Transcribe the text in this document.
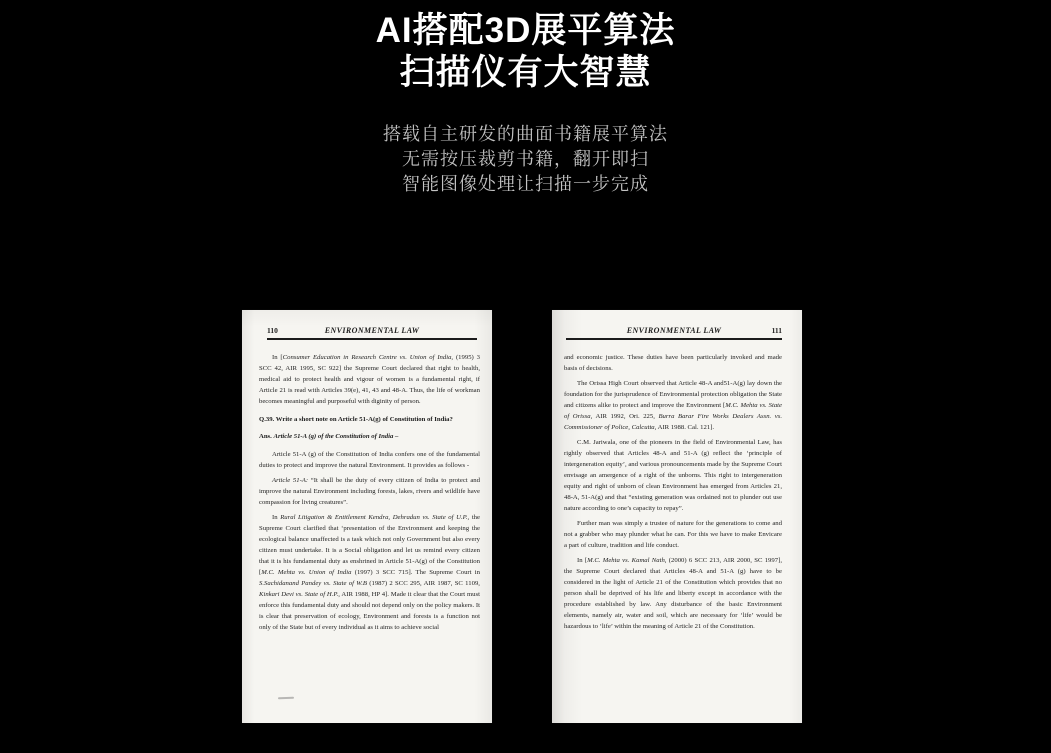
AI搭配3D展平算法
扫描仪有大智慧
搭载自主研发的曲面书籍展平算法
无需按压裁剪书籍，翻开即扫
智能图像处理让扫描一步完成
110	ENVIRONMENTAL LAW

In [Consumer Education in Research Centre vs. Union of India, (1995) 3 SCC 42, AIR 1995, SC 922] the Supreme Court declared that right to health, medical aid to protect health and vigour of women is a fundamental right, if Article 21 is read with Articles 39(e), 41, 43 and 48-A. Thus, the life of workman becomes meaningful and purposeful with diginity of person.

Q.39. Write a short note on Article 51-A(g) of Constitution of India?

Ans. Article 51-A (g) of the Constitution of India –

Article 51-A (g) of the Constitution of India confers one of the fundamental duties to protect and improve the natural Environment. It provides as follows -

Article 51-A: “It shall be the duty of every citizen of India to protect and improve the natural Environment including forests, lakes, rivers and wildlife have compassion for living creatures”.

In Rural Litigation & Entitlement Kendra, Dehradun vs. State of U.P., the Supreme Court clarified that ‘presentation of the Environment and keeping the ecological balance unaffected is a task which not only Government but also every citizen must undertake. It is a Social obligation and let us remind every citizen that it is his fundamental duty as enshrined in Article 51-A(g) of the Constitution [M.C. Mehta vs. Union of India (1997) 3 SCC 715]. The Supreme Court in S.Sachidanand Pandey vs. State of W.B (1987) 2 SCC 295, AIR 1987, SC 1109, Kinkari Devi vs. State of H.P., AIR 1988, HP 4]. Made it clear that the Court must enforce this fundamental duty and should not depend only on the policy makers. It is clear that preservation of ecology, Environment and forests is a function not only of the State but of every individual as it aims to achieve social

111
ENVIRONMENTAL LAW

and economic justice. These duties have been particularly invoked and made basis of decisions.

The Orissa High Court observed that Article 48-A and51-A(g) lay down the foundation for the jurisprudence of Environmental protection obligation the State and citizens alike to protect and improve the Environment [M.C. Mehta vs. State of Orissa, AIR 1992, Ori. 225, Burra Barar Fire Works Dealers Assn. vs. Commissioner of Police, Calcutta, AIR 1988. Cal. 121].

C.M. Jariwala, one of the pioneers in the field of Environmental Law, has rightly observed that Articles 48-A and 51-A (g) reflect the ‘principle of intergeneration equity’, and various pronouncements made by the Supreme Court envisage an amergence of a right of the unborns. This right to intergeneration equity and right of unborn of clean Environment has emerged from Articles 21, 48-A, 51-A(g) and that “existing generation was ordained not to plunder out use nature according to one’s capacity to repay”.

Further man was simply a trustee of nature for the generations to come and not a grabber who may plunder what he can. For this we have to make Envicare a part of culture, tradition and life conduct.

In [M.C. Mehta vs. Kamal Nath, (2000) 6 SCC 213, AIR 2000, SC 1997], the Supreme Court declared that Articles 48-A and 51-A (g) have to be considered in the light of Article 21 of the Constitution which provides that no person shall be deprived of his life and liberty except in accordance with the procedure established by law. Any disturbance of the basic Environment elements, namely air, water and soil, which are necessary for ‘life’ would be hazardous to ‘life’ within the meaning of Article 21 of the Constitution.
